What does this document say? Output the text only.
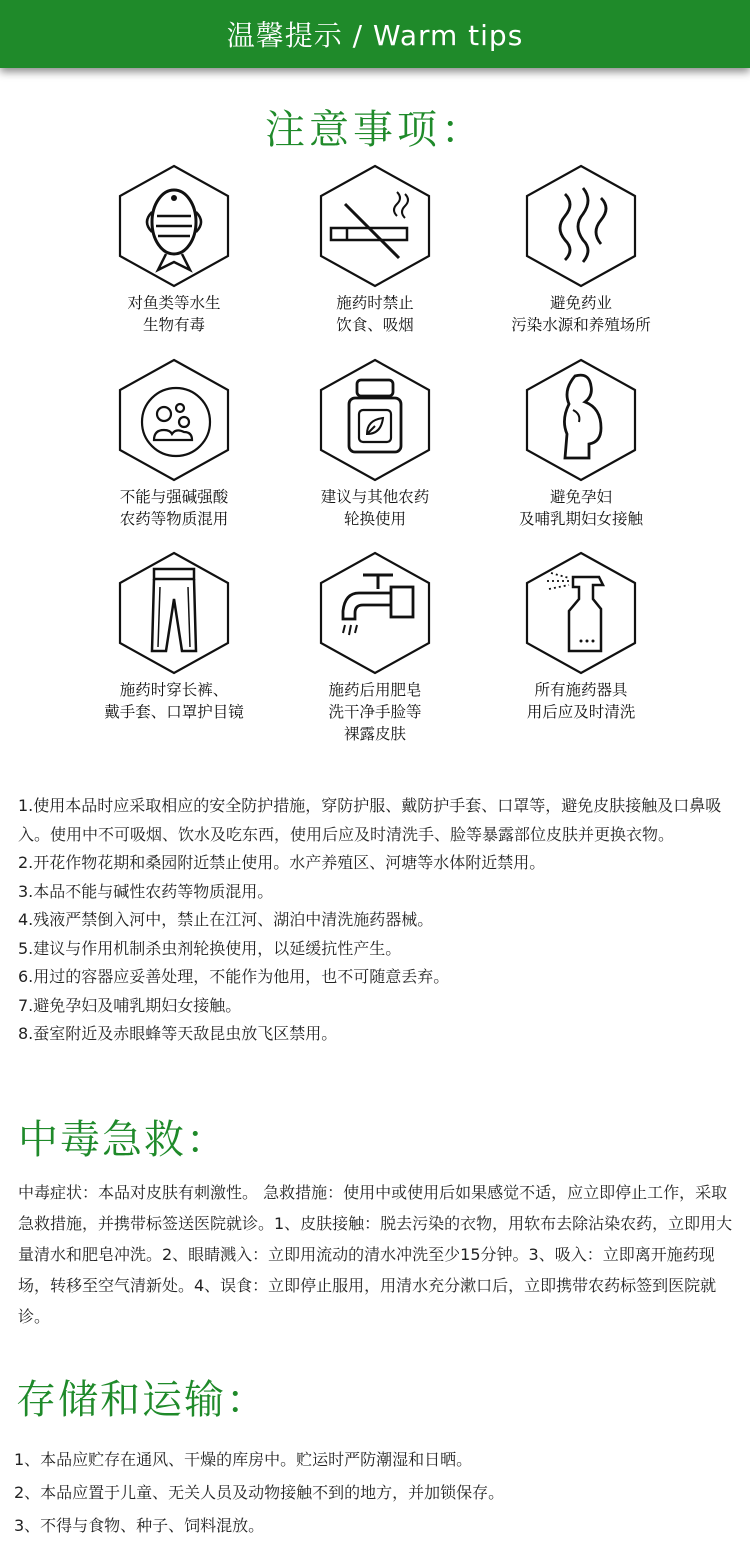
温馨提示 / Warm tips
注意事项：
对鱼类等水生
生物有毒
施药时禁止
饮食、吸烟
避免药业
污染水源和养殖场所
不能与强碱强酸
农药等物质混用
建议与其他农药
轮换使用
避免孕妇
及哺乳期妇女接触
施药时穿长裤、
戴手套、口罩护目镜
施药后用肥皂
洗干净手脸等
裸露皮肤
所有施药器具
用后应及时清洗
1.使用本品时应采取相应的安全防护措施，穿防护服、戴防护手套、口罩等，避免皮肤接触及口鼻吸入。使用中不可吸烟、饮水及吃东西，使用后应及时清洗手、脸等暴露部位皮肤并更换衣物。
2.开花作物花期和桑园附近禁止使用。水产养殖区、河塘等水体附近禁用。
3.本品不能与碱性农药等物质混用。
4.残液严禁倒入河中，禁止在江河、湖泊中清洗施药器械。
5.建议与作用机制杀虫剂轮换使用，以延缓抗性产生。
6.用过的容器应妥善处理，不能作为他用，也不可随意丢弃。
7.避免孕妇及哺乳期妇女接触。
8.蚕室附近及赤眼蜂等天敌昆虫放飞区禁用。
中毒急救：
中毒症状：本品对皮肤有刺激性。 急救措施：使用中或使用后如果感觉不适，应立即停止工作，采取急救措施，并携带标签送医院就诊。1、皮肤接触：脱去污染的衣物，用软布去除沾染农药，立即用大量清水和肥皂冲洗。2、眼睛溅入：立即用流动的清水冲洗至少15分钟。3、吸入：立即离开施药现场，转移至空气清新处。4、误食：立即停止服用，用清水充分漱口后，立即携带农药标签到医院就诊。
存储和运输：
1、本品应贮存在通风、干燥的库房中。贮运时严防潮湿和日晒。
2、本品应置于儿童、无关人员及动物接触不到的地方，并加锁保存。
3、不得与食物、种子、饲料混放。
